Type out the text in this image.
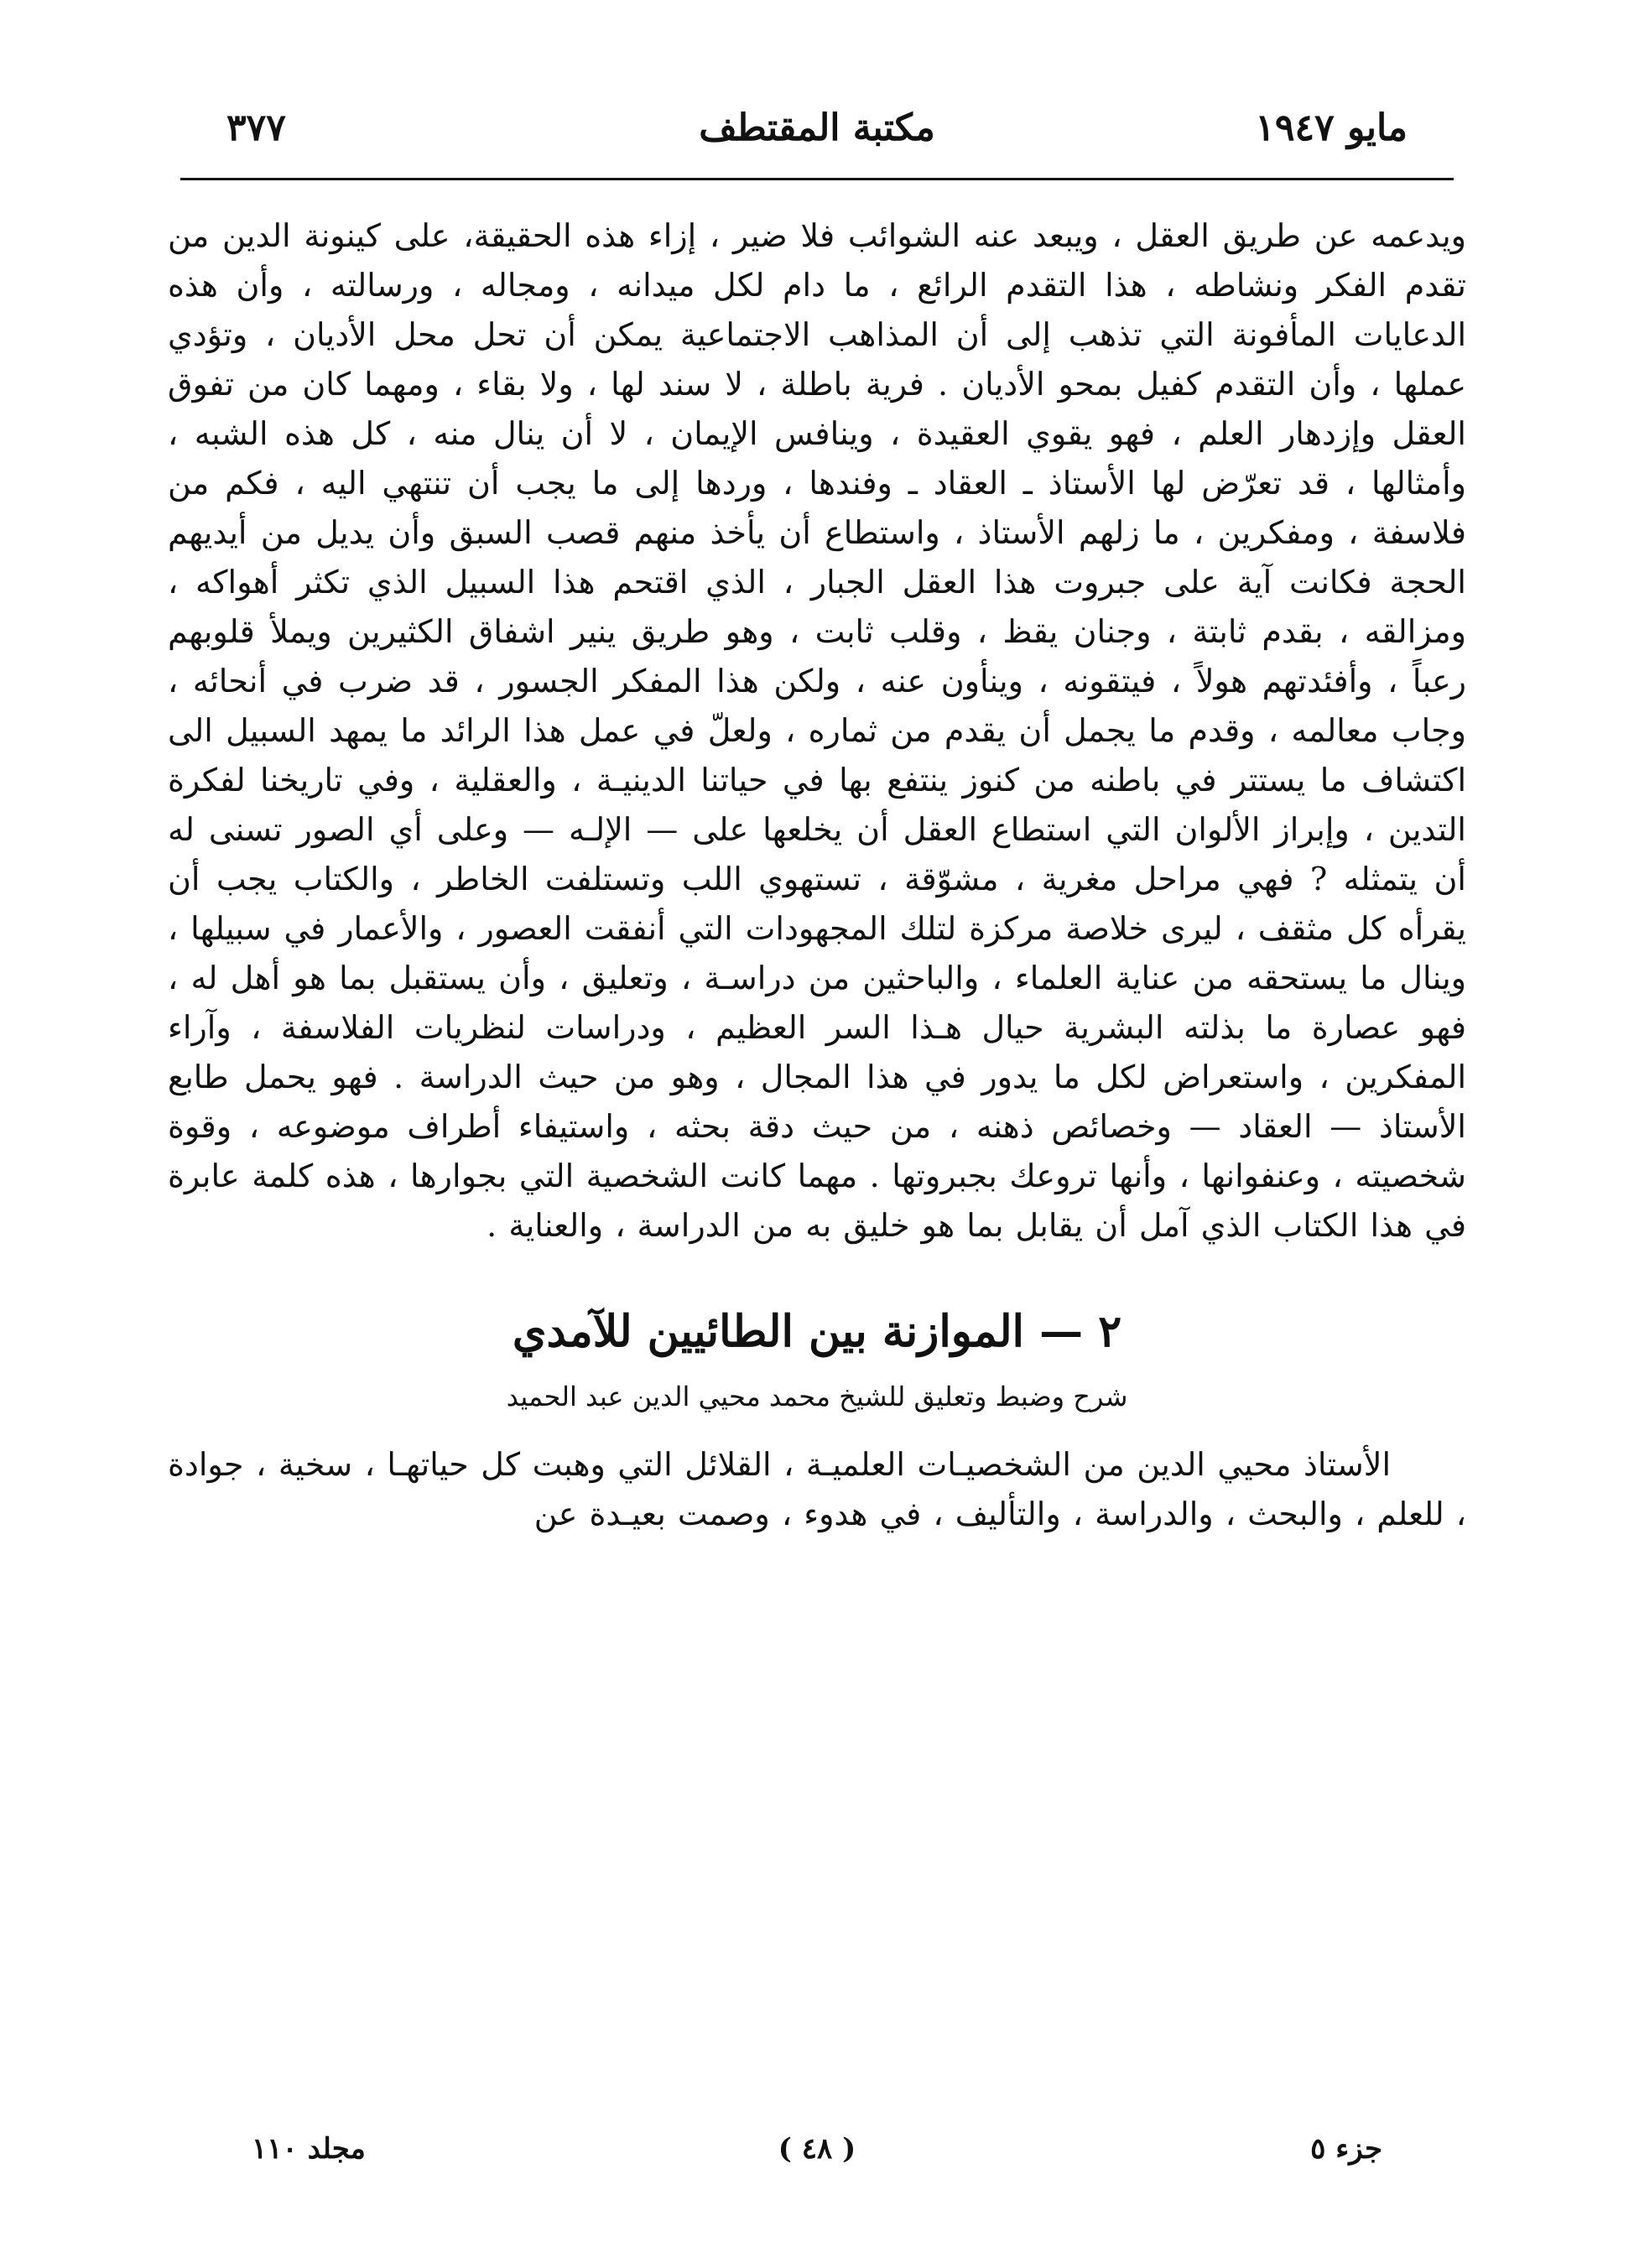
مايو ١٩٤٧
مكتبة المقتطف
٣٧٧

ويدعمه عن طريق العقل ، ويبعد عنه الشوائب فلا ضير ، إزاء هذه الحقيقة، على كينونة الدين من تقدم الفكر ونشاطه ، هذا التقدم الرائع ، ما دام لكل ميدانه ، ومجاله ، ورسالته ، وأن هذه الدعايات المأفونة التي تذهب إلى أن المذاهب الاجتماعية يمكن أن تحل محل الأديان ، وتؤدي عملها ، وأن التقدم كفيل بمحو الأديان . فرية باطلة ، لا سند لها ، ولا بقاء ، ومهما كان من تفوق العقل وإزدهار العلم ، فهو يقوي العقيدة ، وينافس الإيمان ، لا أن ينال منه ، كل هذه الشبه ، وأمثالها ، قد تعرّض لها الأستاذ ـ العقاد ـ وفندها ، وردها إلى ما يجب أن تنتهي اليه ، فكم من فلاسفة ، ومفكرين ، ما زلهم الأستاذ ، واستطاع أن يأخذ منهم قصب السبق وأن يديل من أيديهم الحجة فكانت آية على جبروت هذا العقل الجبار ، الذي اقتحم هذا السبيل الذي تكثر أهواكه ، ومزالقه ، بقدم ثابتة ، وجنان يقظ ، وقلب ثابت ، وهو طريق ينير اشفاق الكثيرين ويملأ قلوبهم رعباً ، وأفئدتهم هولاً ، فيتقونه ، وينأون عنه ، ولكن هذا المفكر الجسور ، قد ضرب في أنحائه ، وجاب معالمه ، وقدم ما يجمل أن يقدم من ثماره ، ولعلّ في عمل هذا الرائد ما يمهد السبيل الى اكتشاف ما يستتر في باطنه من كنوز ينتفع بها في حياتنا الدينيـة ، والعقلية ، وفي تاريخنا لفكرة التدين ، وإبراز الألوان التي استطاع العقل أن يخلعها على — الإلـه — وعلى أي الصور تسنى له أن يتمثله ? فهي مراحل مغرية ، مشوّقة ، تستهوي اللب وتستلفت الخاطر ، والكتاب يجب أن يقرأه كل مثقف ، ليرى خلاصة مركزة لتلك المجهودات التي أنفقت العصور ، والأعمار في سبيلها ، وينال ما يستحقه من عناية العلماء ، والباحثين من دراسـة ، وتعليق ، وأن يستقبل بما هو أهل له ، فهو عصارة ما بذلته البشرية حيال هـذا السر العظيم ، ودراسات لنظريات الفلاسفة ، وآراء المفكرين ، واستعراض لكل ما يدور في هذا المجال ، وهو من حيث الدراسة . فهو يحمل طابع الأستاذ — العقاد — وخصائص ذهنه ، من حيث دقة بحثه ، واستيفاء أطراف موضوعه ، وقوة شخصيته ، وعنفوانها ، وأنها تروعك بجبروتها . مهما كانت الشخصية التي بجوارها ، هذه كلمة عابرة في هذا الكتاب الذي آمل أن يقابل بما هو خليق به من الدراسة ، والعناية .

٢ — الموازنة بين الطائيين للآمدي
شرح وضبط وتعليق للشيخ محمد محيي الدين عبد الحميد

الأستاذ محيي الدين من الشخصيـات العلميـة ، القلائل التي وهبت كل حياتهـا ، سخية ، جوادة ، للعلم ، والبحث ، والدراسة ، والتأليف ، في هدوء ، وصمت بعيـدة عن

جزء ٥
( ٤٨ )
مجلد ١١٠
